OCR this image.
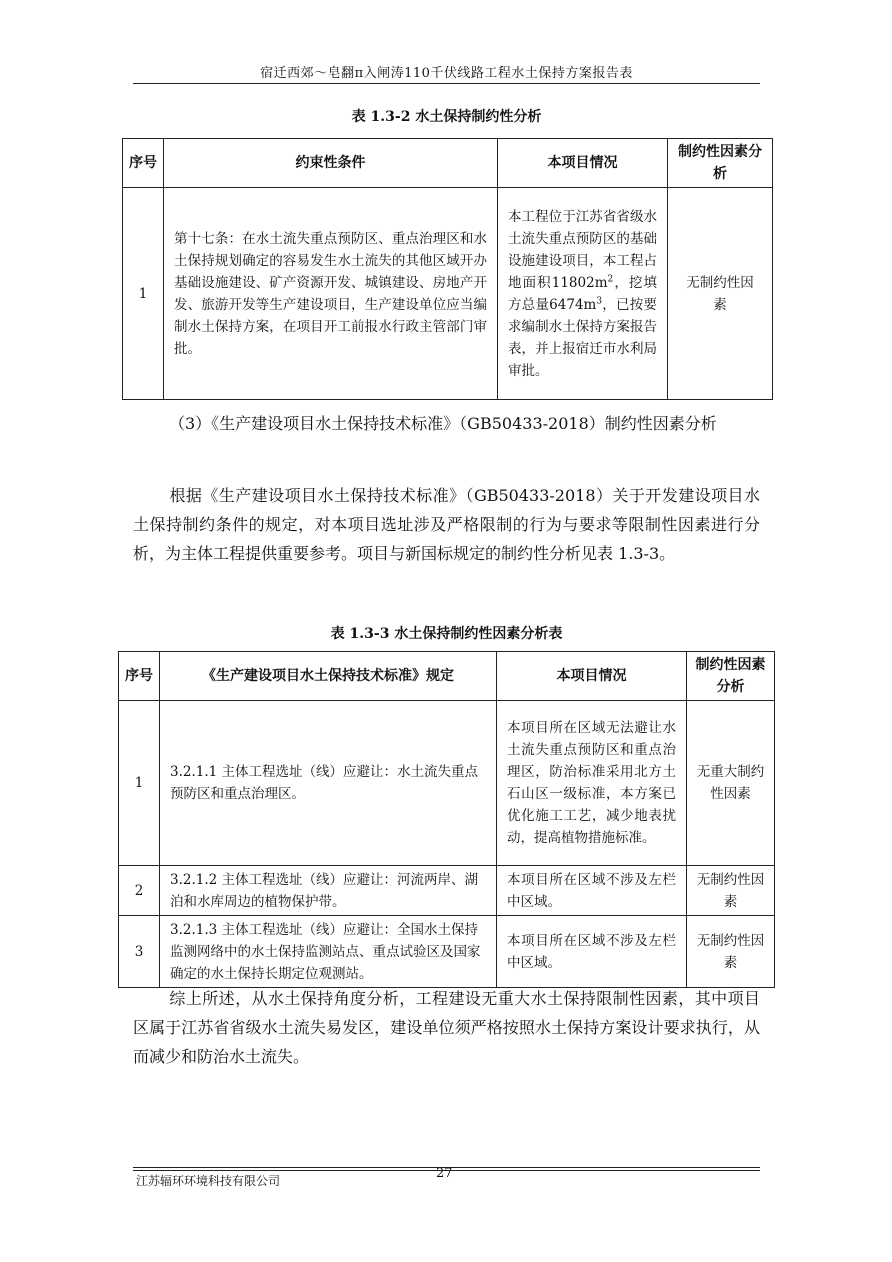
宿迁西郊～皂翻π入闸涛110千伏线路工程水土保持方案报告表
表 1.3-2 水土保持制约性分析
序号	约束性条件	本项目情况	制约性因素分析
1	第十七条：在水土流失重点预防区、重点治理区和水土保持规划确定的容易发生水土流失的其他区域开办基础设施建设、矿产资源开发、城镇建设、房地产开发、旅游开发等生产建设项目，生产建设单位应当编制水土保持方案，在项目开工前报水行政主管部门审批。	本工程位于江苏省省级水土流失重点预防区的基础设施建设项目，本工程占地面积$11802m^2$，挖填方总量$6474m^3$，已按要求编制水土保持方案报告表，并上报宿迁市水利局审批。	无制约性因素
（3）《生产建设项目水土保持技术标准》（GB50433-2018）制约性因素分析
根据《生产建设项目水土保持技术标准》（GB50433-2018）关于开发建设项目水土保持制约条件的规定，对本项目选址涉及严格限制的行为与要求等限制性因素进行分析，为主体工程提供重要参考。项目与新国标规定的制约性分析见表 1.3-3。
表 1.3-3 水土保持制约性因素分析表
序号	《生产建设项目水土保持技术标准》规定	本项目情况	制约性因素分析
1	3.2.1.1 主体工程选址（线）应避让：水土流失重点预防区和重点治理区。	本项目所在区域无法避让水土流失重点预防区和重点治理区，防治标准采用北方土石山区一级标准，本方案已优化施工工艺，减少地表扰动，提高植物措施标准。	无重大制约性因素
2	3.2.1.2 主体工程选址（线）应避让：河流两岸、湖泊和水库周边的植物保护带。	本项目所在区域不涉及左栏中区域。	无制约性因素
3	3.2.1.3 主体工程选址（线）应避让：全国水土保持监测网络中的水土保持监测站点、重点试验区及国家确定的水土保持长期定位观测站。	本项目所在区域不涉及左栏中区域。	无制约性因素
综上所述，从水土保持角度分析，工程建设无重大水土保持限制性因素，其中项目区属于江苏省省级水土流失易发区，建设单位须严格按照水土保持方案设计要求执行，从而减少和防治水土流失。
江苏辐环环境科技有限公司	27
